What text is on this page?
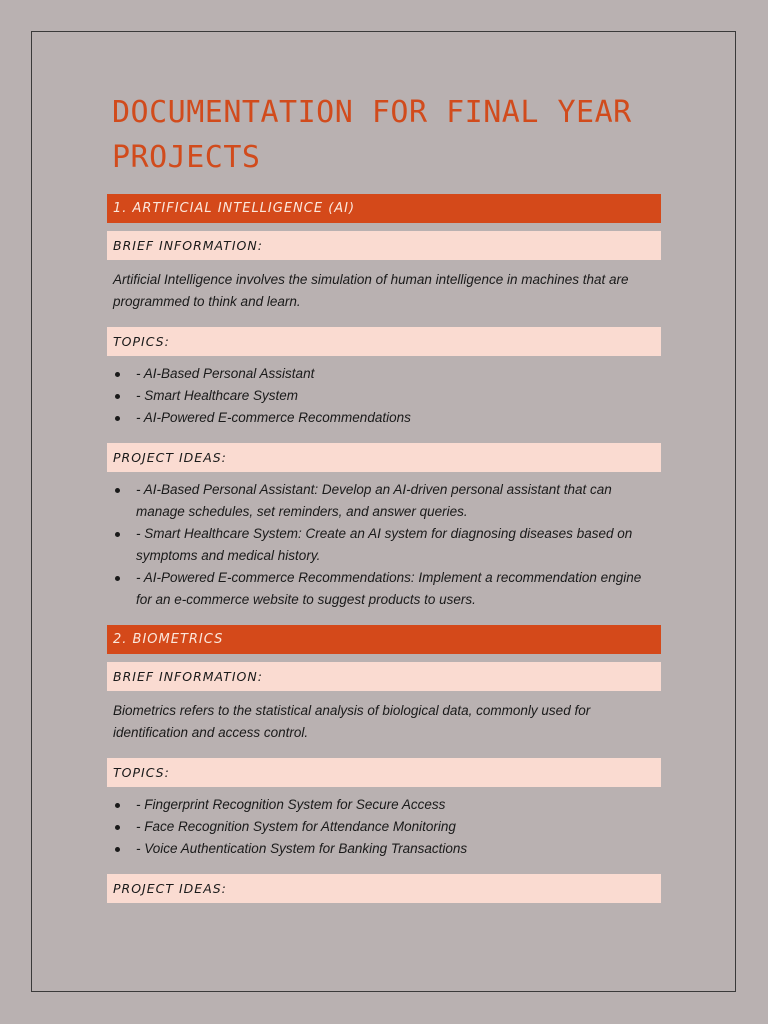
DOCUMENTATION FOR FINAL YEAR
PROJECTS
1. ARTIFICIAL INTELLIGENCE (AI)
BRIEF INFORMATION:

Artificial Intelligence involves the simulation of human intelligence in machines that are programmed to think and learn.

TOPICS:
- AI-Based Personal Assistant
- Smart Healthcare System
- AI-Powered E-commerce Recommendations
PROJECT IDEAS:
- AI-Based Personal Assistant: Develop an AI-driven personal assistant that can manage schedules, set reminders, and answer queries.
- Smart Healthcare System: Create an AI system for diagnosing diseases based on symptoms and medical history.
- AI-Powered E-commerce Recommendations: Implement a recommendation engine for an e-commerce website to suggest products to users.
2. BIOMETRICS
BRIEF INFORMATION:

Biometrics refers to the statistical analysis of biological data, commonly used for identification and access control.

TOPICS:
- Fingerprint Recognition System for Secure Access
- Face Recognition System for Attendance Monitoring
- Voice Authentication System for Banking Transactions
PROJECT IDEAS:
